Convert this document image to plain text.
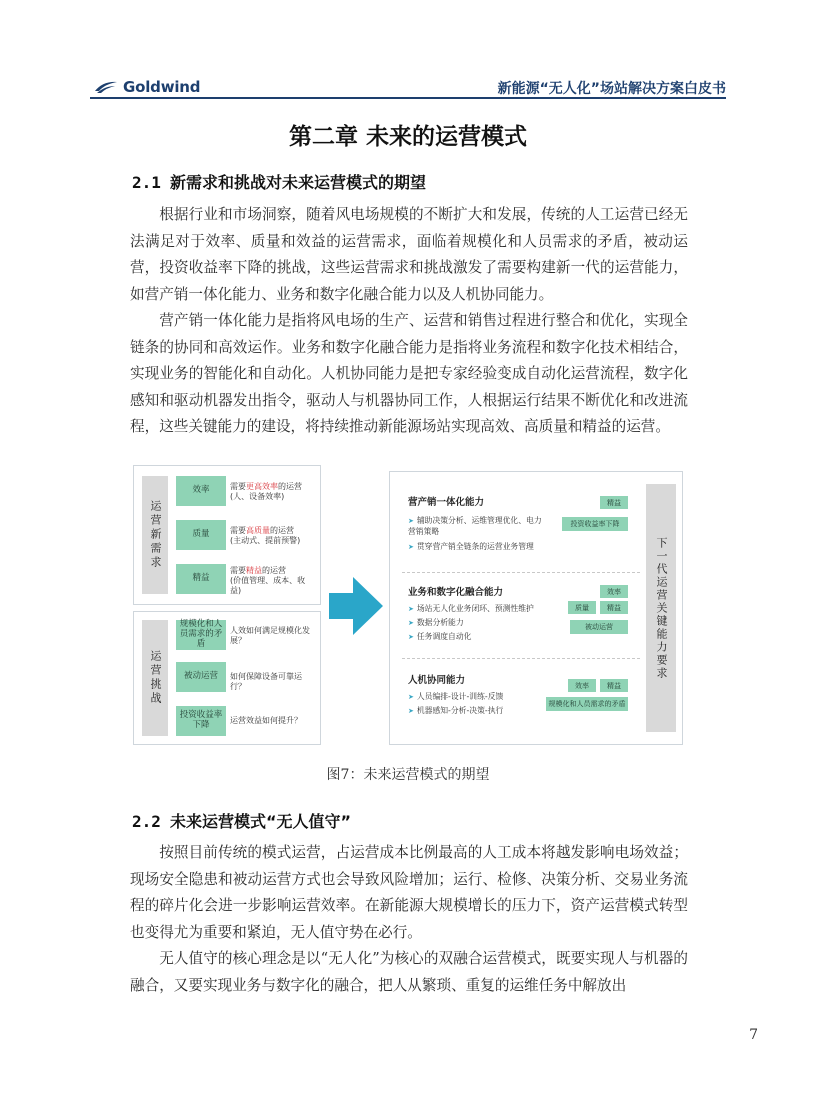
Goldwind	新能源“无人化”场站解决方案白皮书
第二章 未来的运营模式
2.1 新需求和挑战对未来运营模式的期望
根据行业和市场洞察，随着风电场规模的不断扩大和发展，传统的人工运营已经无法满足对于效率、质量和效益的运营需求，面临着规模化和人员需求的矛盾，被动运营，投资收益率下降的挑战，这些运营需求和挑战激发了需要构建新一代的运营能力，如营产销一体化能力、业务和数字化融合能力以及人机协同能力。
营产销一体化能力是指将风电场的生产、运营和销售过程进行整合和优化，实现全链条的协同和高效运作。业务和数字化融合能力是指将业务流程和数字化技术相结合，实现业务的智能化和自动化。人机协同能力是把专家经验变成自动化运营流程，数字化感知和驱动机器发出指令，驱动人与机器协同工作，人根据运行结果不断优化和改进流程，这些关键能力的建设，将持续推动新能源场站实现高效、高质量和精益的运营。
运营新需求
效率	需要更高效率的运营
(人、设备效率)
质量	需要高质量的运营
(主动式、提前预警)
精益
需要精益的运营
(价值管理、成本、收益)
运营挑战
规模化和人员需求的矛盾
人效如何满足规模化发展？
被动运营	如何保障设备可靠运行？
投资收益率下降	运营效益如何提升？
下一代运营关键能力要求
营产销一体化能力
➤ 辅助决策分析、运维管理优化、电力营销策略
➤ 贯穿营产销全链条的运营业务管理
精益
投资收益率下降
业务和数字化融合能力
➤ 场站无人化业务闭环、预测性维护
➤ 数据分析能力
➤ 任务调度自动化
效率
质量	精益
被动运营
人机协同能力
➤ 人员编排-设计-训练-反馈
➤ 机器感知-分析-决策-执行
效率	精益
规模化和人员需求的矛盾
图7：未来运营模式的期望
2.2 未来运营模式“无人值守”
按照目前传统的模式运营，占运营成本比例最高的人工成本将越发影响电场效益；现场安全隐患和被动运营方式也会导致风险增加；运行、检修、决策分析、交易业务流程的碎片化会进一步影响运营效率。在新能源大规模增长的压力下，资产运营模式转型也变得尤为重要和紧迫，无人值守势在必行。
无人值守的核心理念是以“无人化”为核心的双融合运营模式，既要实现人与机器的融合，又要实现业务与数字化的融合，把人从繁琐、重复的运维任务中解放出
7
